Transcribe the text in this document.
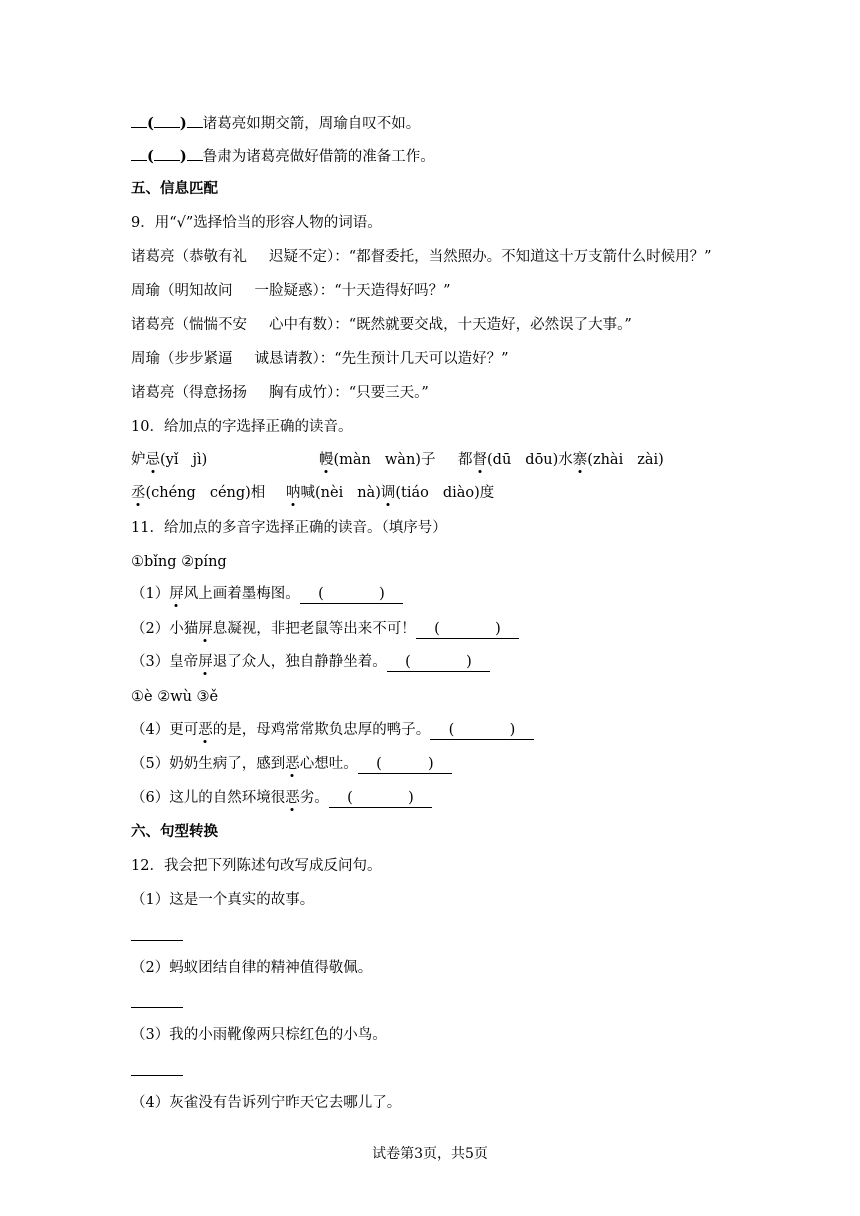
( ) 诸葛亮如期交箭，周瑜自叹不如。
( ) 鲁肃为诸葛亮做好借箭的准备工作。
五、信息匹配
9．用“√”选择恰当的形容人物的词语。
诸葛亮（恭敬有礼 迟疑不定）：“都督委托，当然照办。不知道这十万支箭什么时候用？”
周瑜（明知故问 一脸疑惑）：“十天造得好吗？”
诸葛亮（惴惴不安 心中有数）：“既然就要交战，十天造好，必然误了大事。”
周瑜（步步紧逼 诚恳请教）：“先生预计几天可以造好？”
诸葛亮（得意扬扬 胸有成竹）：“只要三天。”
10．给加点的字选择正确的读音。
妒忌(yǐ jì)	幔(màn wàn)子 都督(dū dōu)水寨(zhài zài)
丞(chéng céng)相 呐喊(nèi nà)调(tiáo diào)度
11．给加点的多音字选择正确的读音。（填序号）
①bǐng ②píng
（1）屏风上画着墨梅图。 (	)
（2）小猫屏息凝视，非把老鼠等出来不可！ (	)
（3）皇帝屏退了众人，独自静静坐着。 (	)
①è ②wù ③ě
（4）更可恶的是，母鸡常常欺负忠厚的鸭子。 (	)
（5）奶奶生病了，感到恶心想吐。 (	)
（6）这儿的自然环境很恶劣。 (	)
六、句型转换
12．我会把下列陈述句改写成反问句。
（1）这是一个真实的故事。
（2）蚂蚁团结自律的精神值得敬佩。
（3）我的小雨靴像两只棕红色的小鸟。
（4）灰雀没有告诉列宁昨天它去哪儿了。
试卷第3页，共5页
